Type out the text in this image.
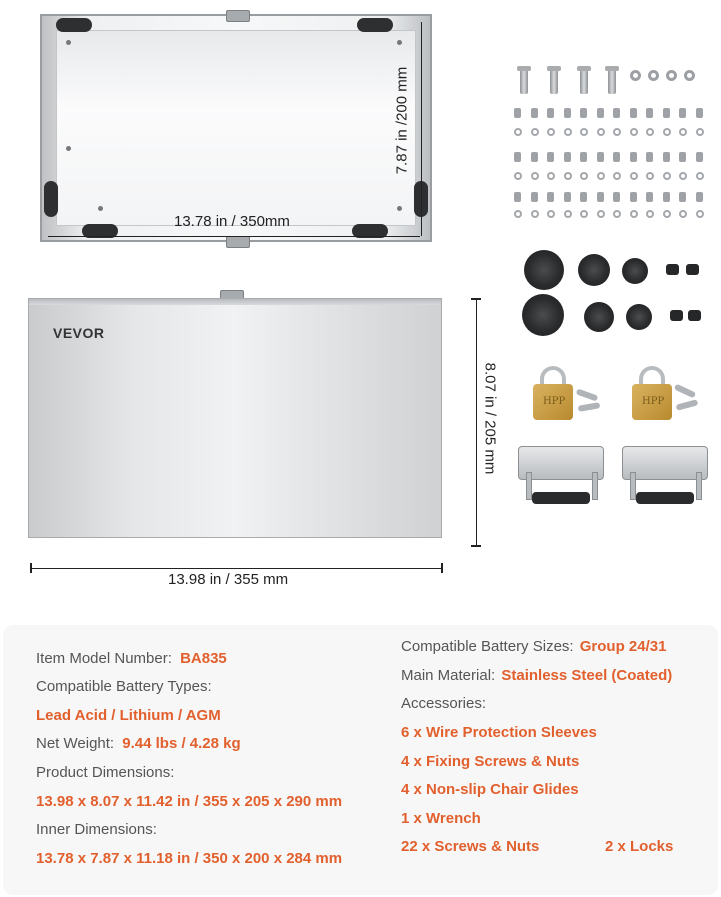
13.78 in / 350mm
7.87 in /200 mm
VEVOR
8.07 in / 205 mm
13.98 in / 355 mm
HPP	HPP
Item Model Number: BA835
Compatible Battery Types:
Lead Acid / Lithium / AGM
Net Weight: 9.44 lbs / 4.28 kg
Product Dimensions:
13.98 x 8.07 x 11.42 in / 355 x 205 x 290 mm
Inner Dimensions:
13.78 x 7.87 x 11.18 in / 350 x 200 x 284 mm
Compatible Battery Sizes: Group 24/31
Main Material: Stainless Steel (Coated)
Accessories:
6 x Wire Protection Sleeves
4 x Fixing Screws & Nuts
4 x Non-slip Chair Glides
1 x Wrench
22 x Screws & Nuts	2 x Locks
